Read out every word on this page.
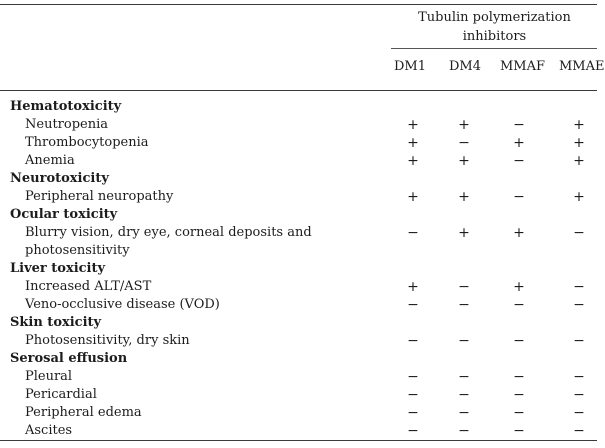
Tubulin polymerization inhibitors
DM1 DM4 MMAF MMAE
Hematotoxicity
Neutropenia	+	+	−	+
Thrombocytopenia	+	−	+	+
Anemia	+	+	−	+
Neurotoxicity
Peripheral neuropathy	+	+	−	+
Ocular toxicity
Blurry vision, dry eye, corneal deposits and	−	+	+	−
photosensitivity
Liver toxicity
Increased ALT/AST	+	−	+	−
Veno-occlusive disease (VOD)	−	−	−	−
Skin toxicity
Photosensitivity, dry skin	−	−	−	−
Serosal effusion
Pleural	−	−	−	−
Pericardial	−	−	−	−
Peripheral edema	−	−	−	−
Ascites	−	−	−	−
